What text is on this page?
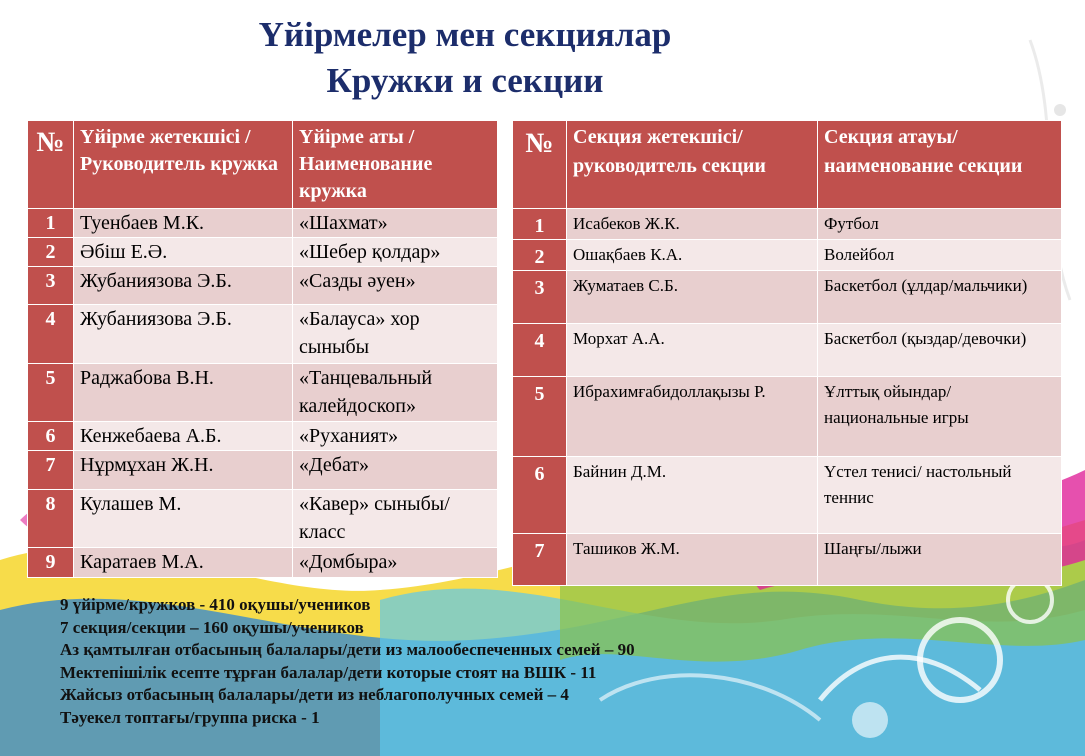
Үйірмелер мен секциялар
Кружки и секции
№	Үйірме жетекшісі / Руководитель кружка	Үйірме аты / Наименование кружка
1	Туенбаев М.К.	«Шахмат»
2	Әбіш Е.Ә.	«Шебер қолдар»
3	Жубаниязова Э.Б.	«Сазды әуен»
4	Жубаниязова Э.Б.	«Балауса» хор сыныбы
5	Раджабова В.Н.	«Танцевальный калейдоскоп»
6	Кенжебаева А.Б.	«Руханият»
7	Нұрмұхан Ж.Н.	«Дебат»
8	Кулашев М.	«Кавер» сыныбы/класс
9	Каратаев М.А.	«Домбыра»
№	Секция жетекшісі/ руководитель секции	Секция атауы/ наименование секции
1	Исабеков Ж.К.	Футбол
2	Ошақбаев К.А.	Волейбол
3	Жуматаев С.Б.	Баскетбол (ұлдар/мальчики)
4	Морхат А.А.	Баскетбол (қыздар/девочки)
5	Ибрахимғабидоллақызы Р.	Ұлттық ойындар/ национальные игры
6	Байнин Д.М.	Үстел тенисі/ настольный теннис
7	Ташиков Ж.М.	Шаңғы/лыжи
9 үйірме/кружков - 410 оқушы/учеников
7 секция/секции – 160 оқушы/учеников
Аз қамтылған отбасының балалары/дети из малообеспеченных семей – 90
Мектепішілік есепте тұрған балалар/дети которые стоят на ВШК - 11
Жайсыз отбасының балалары/дети из неблагополучных семей – 4
Тәуекел топтағы/группа риска - 1
